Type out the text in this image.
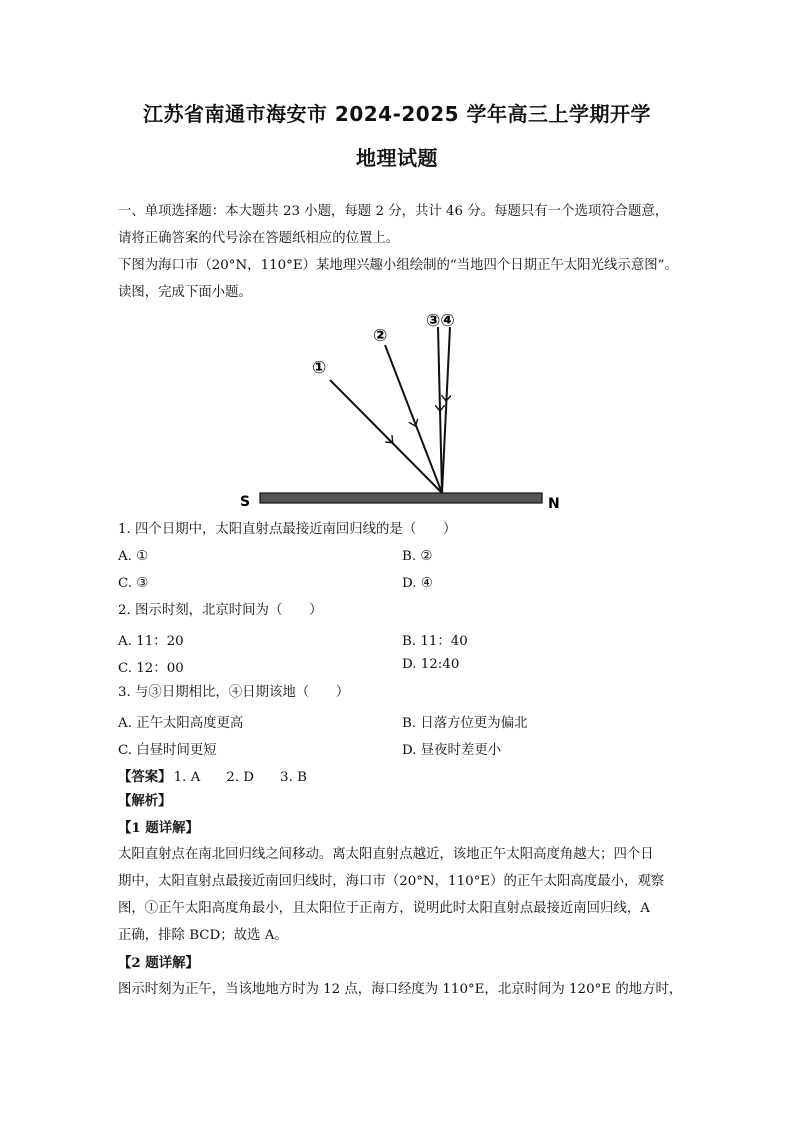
江苏省南通市海安市 2024-2025 学年高三上学期开学
地理试题
一、单项选择题：本大题共 23 小题，每题 2 分，共计 46 分。每题只有一个选项符合题意，
请将正确答案的代号涂在答题纸相应的位置上。
下图为海口市（20°N，110°E）某地理兴趣小组绘制的“当地四个日期正午太阳光线示意图”。
读图，完成下面小题。
①
②
③④
S	N
1. 四个日期中，太阳直射点最接近南回归线的是（　　）
A. ①	B. ②
C. ③	D. ④
2. 图示时刻，北京时间为（　　）
A. 11：20	B. 11：40
C. 12：00	D. 12:40
3. 与③日期相比，④日期该地（　　）
A. 正午太阳高度更高	B. 日落方位更为偏北
C. 白昼时间更短	D. 昼夜时差更小
【答案】 1. A 2. D 3. B
【解析】
【1 题详解】
太阳直射点在南北回归线之间移动。离太阳直射点越近，该地正午太阳高度角越大；四个日
期中，太阳直射点最接近南回归线时，海口市（20°N，110°E）的正午太阳高度最小，观察
图，①正午太阳高度角最小，且太阳位于正南方，说明此时太阳直射点最接近南回归线，A
正确，排除 BCD；故选 A。
【2 题详解】
图示时刻为正午，当该地地方时为 12 点，海口经度为 110°E，北京时间为 120°E 的地方时，
